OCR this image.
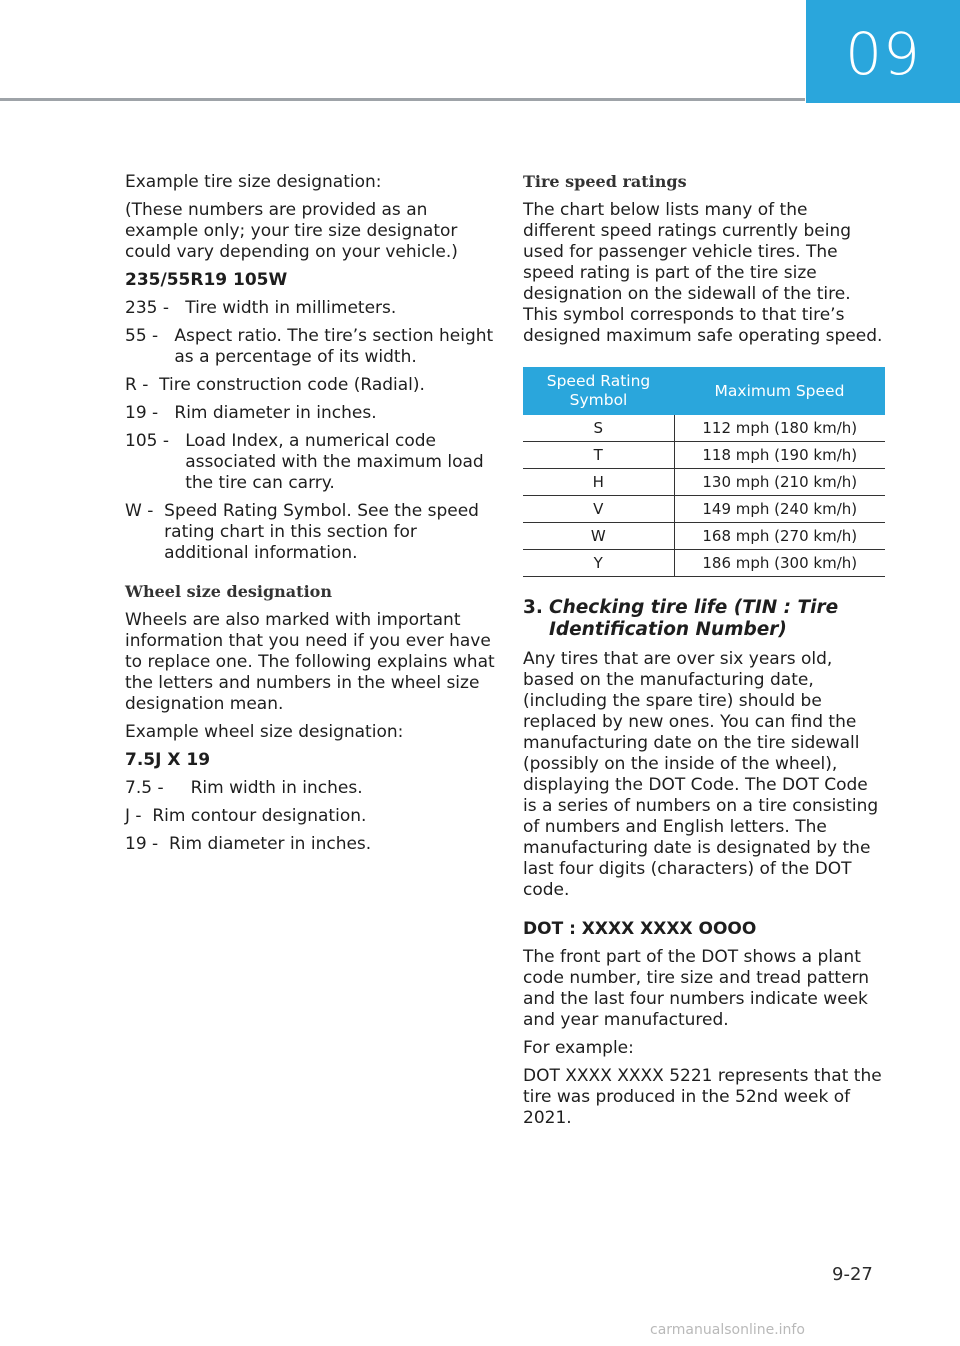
09

Example tire size designation:

(These numbers are provided as an example only; your tire size designator could vary depending on your vehicle.)

235/55R19 105W

235 - Tire width in millimeters.
55 - Aspect ratio. The tire’s section height as a percentage of its width.
R - Tire construction code (Radial).
19 - Rim diameter in inches.
105 - Load Index, a numerical code associated with the maximum load the tire can carry.
W - Speed Rating Symbol. See the speed rating chart in this section for additional information.
Wheel size designation

Wheels are also marked with important information that you need if you ever have to replace one. The following explains what the letters and numbers in the wheel size designation mean.

Example wheel size designation:

7.5J X 19

7.5 - Rim width in inches.
J - Rim contour designation.
19 - Rim diameter in inches.
Tire speed ratings

The chart below lists many of the different speed ratings currently being used for passenger vehicle tires. The speed rating is part of the tire size designation on the sidewall of the tire. This symbol corresponds to that tire’s designed maximum safe operating speed.

Speed Rating Symbol	Maximum Speed
S	112 mph (180 km/h)
T	118 mph (190 km/h)
H	130 mph (210 km/h)
V	149 mph (240 km/h)
W	168 mph (270 km/h)
Y	186 mph (300 km/h)
3. Checking tire life (TIN : Tire Identification Number)

Any tires that are over six years old, based on the manufacturing date, (including the spare tire) should be replaced by new ones. You can find the manufacturing date on the tire sidewall (possibly on the inside of the wheel), displaying the DOT Code. The DOT Code is a series of numbers on a tire consisting of numbers and English letters. The manufacturing date is designated by the last four digits (characters) of the DOT code.

DOT : XXXX XXXX OOOO

The front part of the DOT shows a plant code number, tire size and tread pattern and the last four numbers indicate week and year manufactured.

For example:

DOT XXXX XXXX 5221 represents that the tire was produced in the 52nd week of 2021.

9-27
carmanualsonline.info
